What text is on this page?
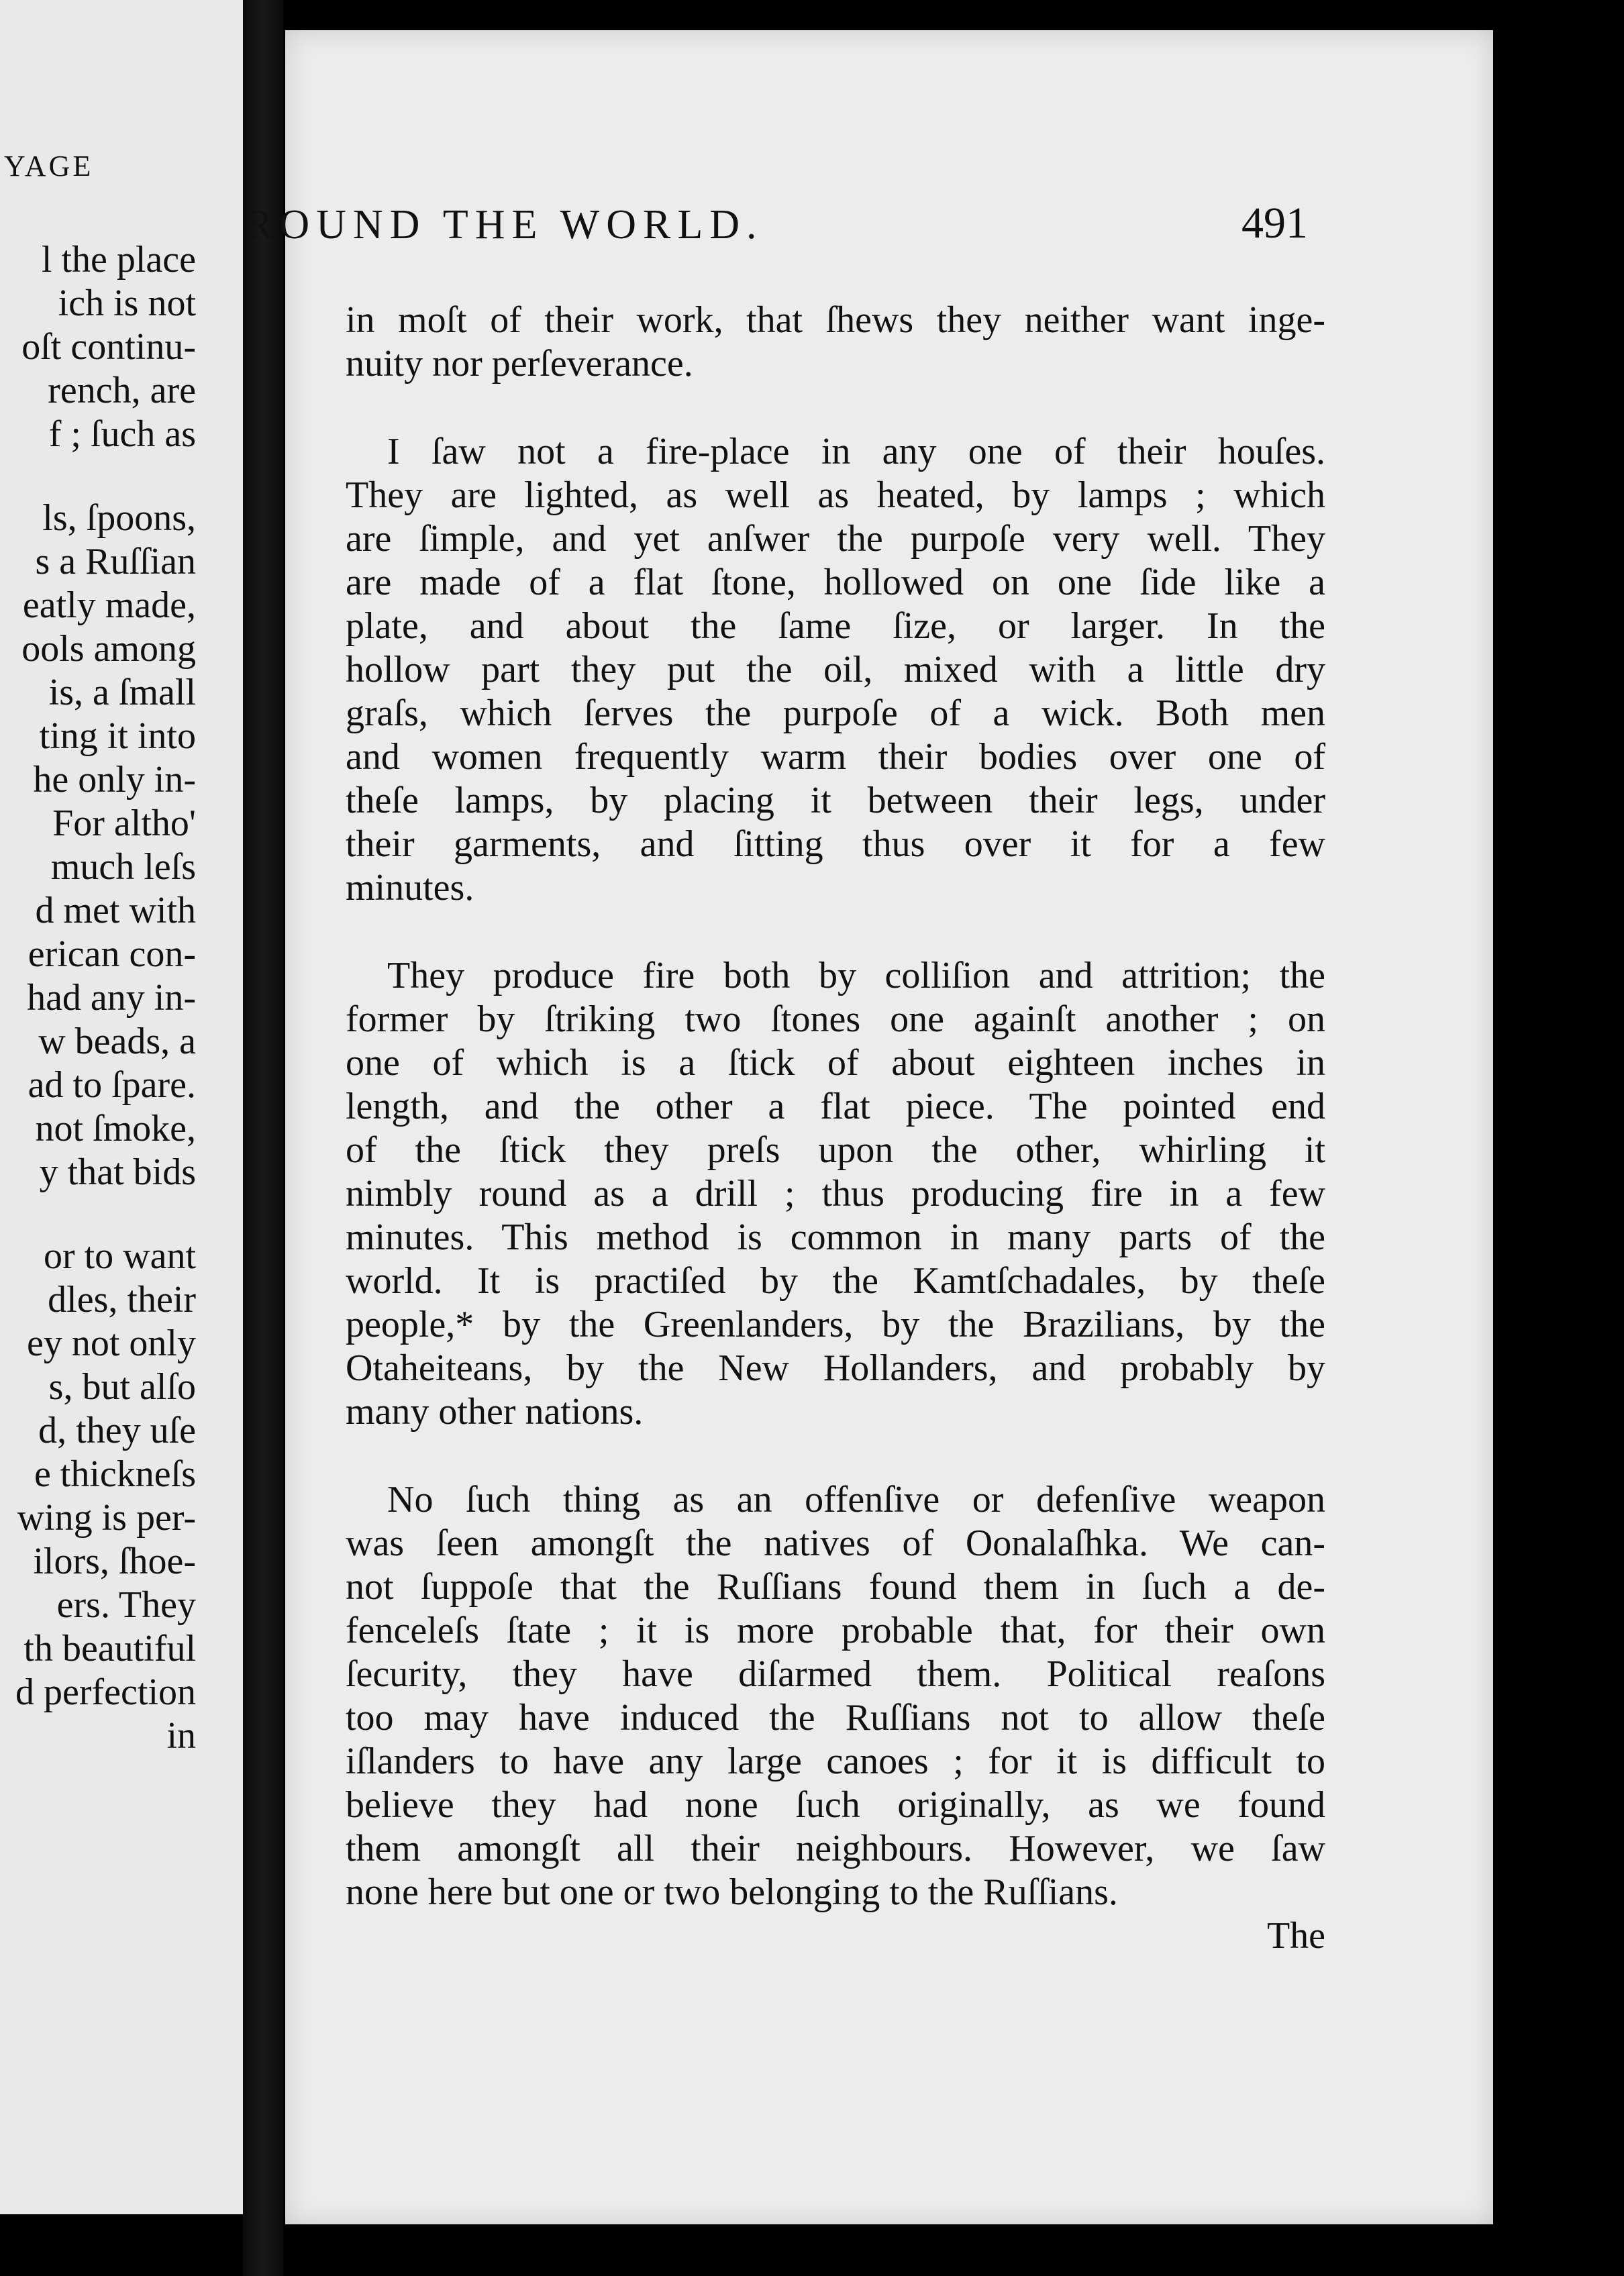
YAGE
l the place
ich is not
oſt continu-
rench, are
f ; ſuch as
ls, ſpoons,
s a Ruſſian
eatly made,
ools among
is, a ſmall
ting it into
he only in-
For altho'
much leſs
d met with
erican con-
had any in-
w beads, a
ad to ſpare.
not ſmoke,
y that bids
or to want
dles, their
ey not only
s, but alſo
d, they uſe
e thickneſs
wing is per-
ilors, ſhoe-
ers. They
th beautiful
d perfection
in
ROUND THE WORLD.	491
in moſt of their work, that ſhews they neither want inge-
nuity nor perſeverance.
I ſaw not a fire-place in any one of their houſes.
They are lighted, as well as heated, by lamps ; which
are ſimple, and yet anſwer the purpoſe very well. They
are made of a flat ſtone, hollowed on one ſide like a
plate, and about the ſame ſize, or larger. In the
hollow part they put the oil, mixed with a little dry
graſs, which ſerves the purpoſe of a wick. Both men
and women frequently warm their bodies over one of
theſe lamps, by placing it between their legs, under
their garments, and ſitting thus over it for a few
minutes.
They produce fire both by colliſion and attrition; the
former by ſtriking two ſtones one againſt another ; on
one of which is a ſtick of about eighteen inches in
length, and the other a flat piece. The pointed end
of the ſtick they preſs upon the other, whirling it
nimbly round as a drill ; thus producing fire in a few
minutes. This method is common in many parts of the
world. It is practiſed by the Kamtſchadales, by theſe
people,* by the Greenlanders, by the Brazilians, by the
Otaheiteans, by the New Hollanders, and probably by
many other nations.
No ſuch thing as an offenſive or defenſive weapon
was ſeen amongſt the natives of Oonalaſhka. We can-
not ſuppoſe that the Ruſſians found them in ſuch a de-
fenceleſs ſtate ; it is more probable that, for their own
ſecurity, they have diſarmed them. Political reaſons
too may have induced the Ruſſians not to allow theſe
iſlanders to have any large canoes ; for it is difficult to
believe they had none ſuch originally, as we found
them amongſt all their neighbours. However, we ſaw
none here but one or two belonging to the Ruſſians.
The
